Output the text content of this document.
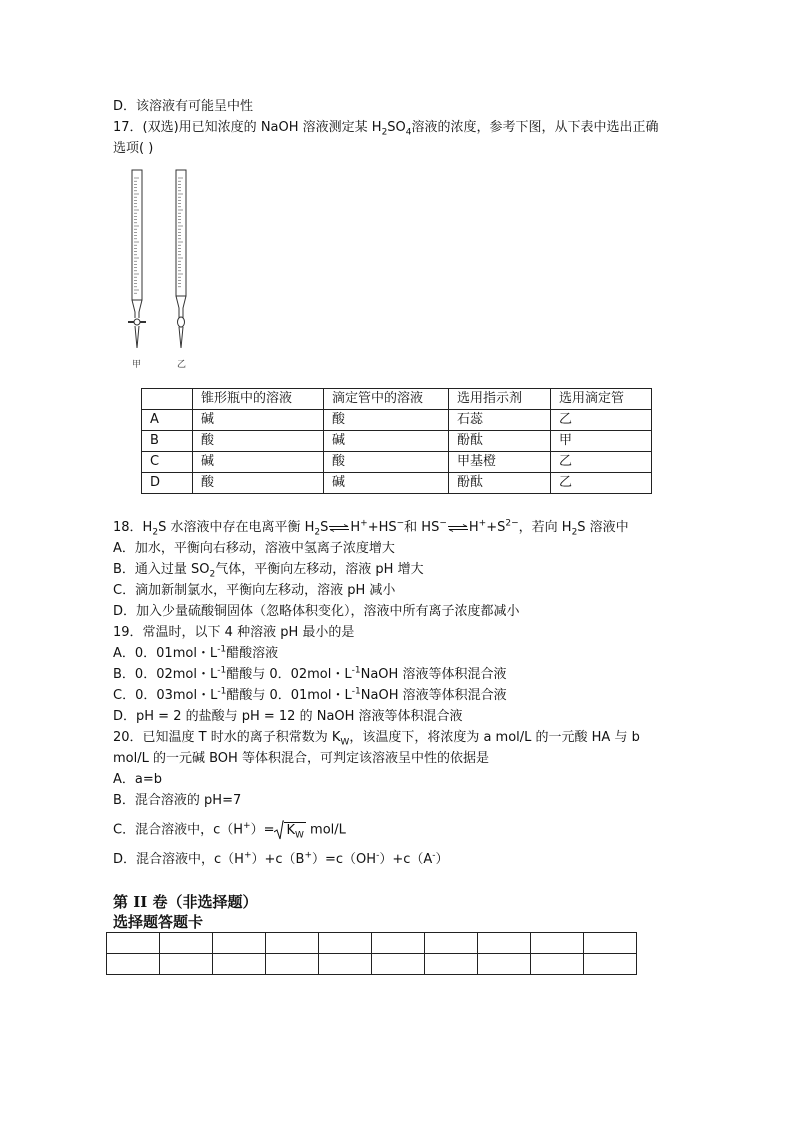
D．该溶液有可能呈中性
17．(双选)用已知浓度的 NaOH 溶液测定某 $H_2SO_4$溶液的浓度，参考下图，从下表中选出正确
选项( )
甲	乙
	锥形瓶中的溶液	滴定管中的溶液	选用指示剂	选用滴定管
A	碱	酸	石蕊	乙
B	酸	碱	酚酞	甲
C	碱	酸	甲基橙	乙
D	酸	碱	酚酞	乙
18．$H_2S$ 水溶液中存在电离平衡 $H_2S\rightleftharpoons H^++HS^-$和 $HS^-\rightleftharpoons H^++S^{2-}$，若向 $H_2S$ 溶液中
A．加水，平衡向右移动，溶液中氢离子浓度增大
B．通入过量 $SO_2$气体，平衡向左移动，溶液 pH 增大
C．滴加新制氯水，平衡向左移动，溶液 pH 减小
D．加入少量硫酸铜固体（忽略体积变化），溶液中所有离子浓度都减小
19．常温时，以下 4 种溶液 pH 最小的是
A．0．01mol・$L^{-1}$醋酸溶液
B．0．02mol・$L^{-1}$醋酸与 0．02mol・$L^{-1}NaOH$ 溶液等体积混合液
C．0．03mol・$L^{-1}$醋酸与 0．01mol・$L^{-1}NaOH$ 溶液等体积混合液
D．pH = 2 的盐酸与 pH = 12 的 NaOH 溶液等体积混合液
20．已知温度 T 时水的离子积常数为 $K_W$，该温度下，将浓度为 a mol/L 的一元酸 HA 与 b
mol/L 的一元碱 BOH 等体积混合，可判定该溶液呈中性的依据是
A．a=b
B．混合溶液的 pH=7
C．混合溶液中，$c(H^+)= K_W$ mol/L
D．混合溶液中，c（H+）+c（B+）=c（OH-）+c（A-）
第 II 卷（非选择题）
选择题答题卡
